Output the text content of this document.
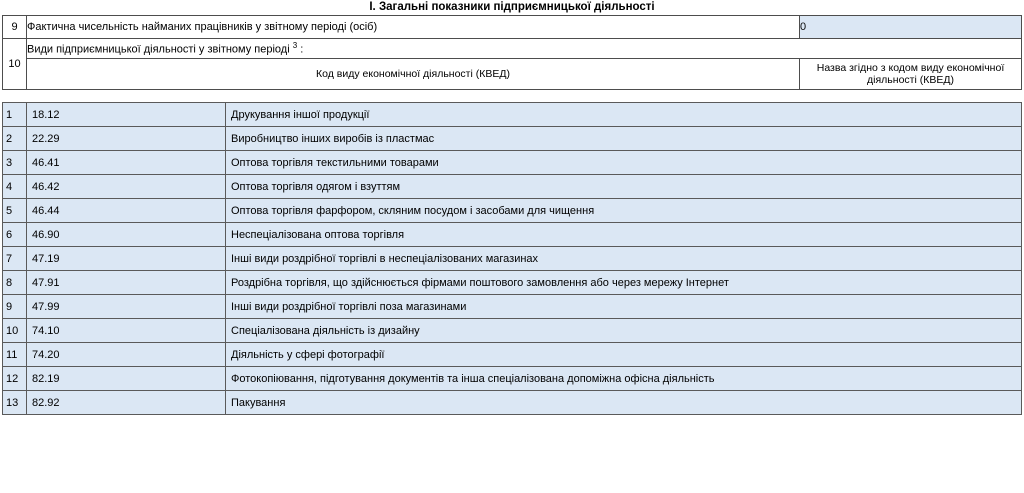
I. Загальні показники підприємницької діяльності
9	Фактична чисельність найманих працівників у звітному періоді (осіб)	0
10	Види підприємницької діяльності у звітному періоді $^3$ :	
	Код виду економічної діяльності (КВЕД)	Назва згідно з кодом виду економічної діяльності (КВЕД)
1	18.12	Друкування іншої продукції
2	22.29	Виробництво інших виробів із пластмас
3	46.41	Оптова торгівля текстильними товарами
4	46.42	Оптова торгівля одягом і взуттям
5	46.44	Оптова торгівля фарфором, скляним посудом і засобами для чищення
6	46.90	Неспеціалізована оптова торгівля
7	47.19	Інші види роздрібної торгівлі в неспеціалізованих магазинах
8	47.91	Роздрібна торгівля, що здійснюється фірмами поштового замовлення або через мережу Інтернет
9	47.99	Інші види роздрібної торгівлі поза магазинами
10	74.10	Спеціалізована діяльність із дизайну
11	74.20	Діяльність у сфері фотографії
12	82.19	Фотокопіювання, підготування документів та інша спеціалізована допоміжна офісна діяльність
13	82.92	Пакування
